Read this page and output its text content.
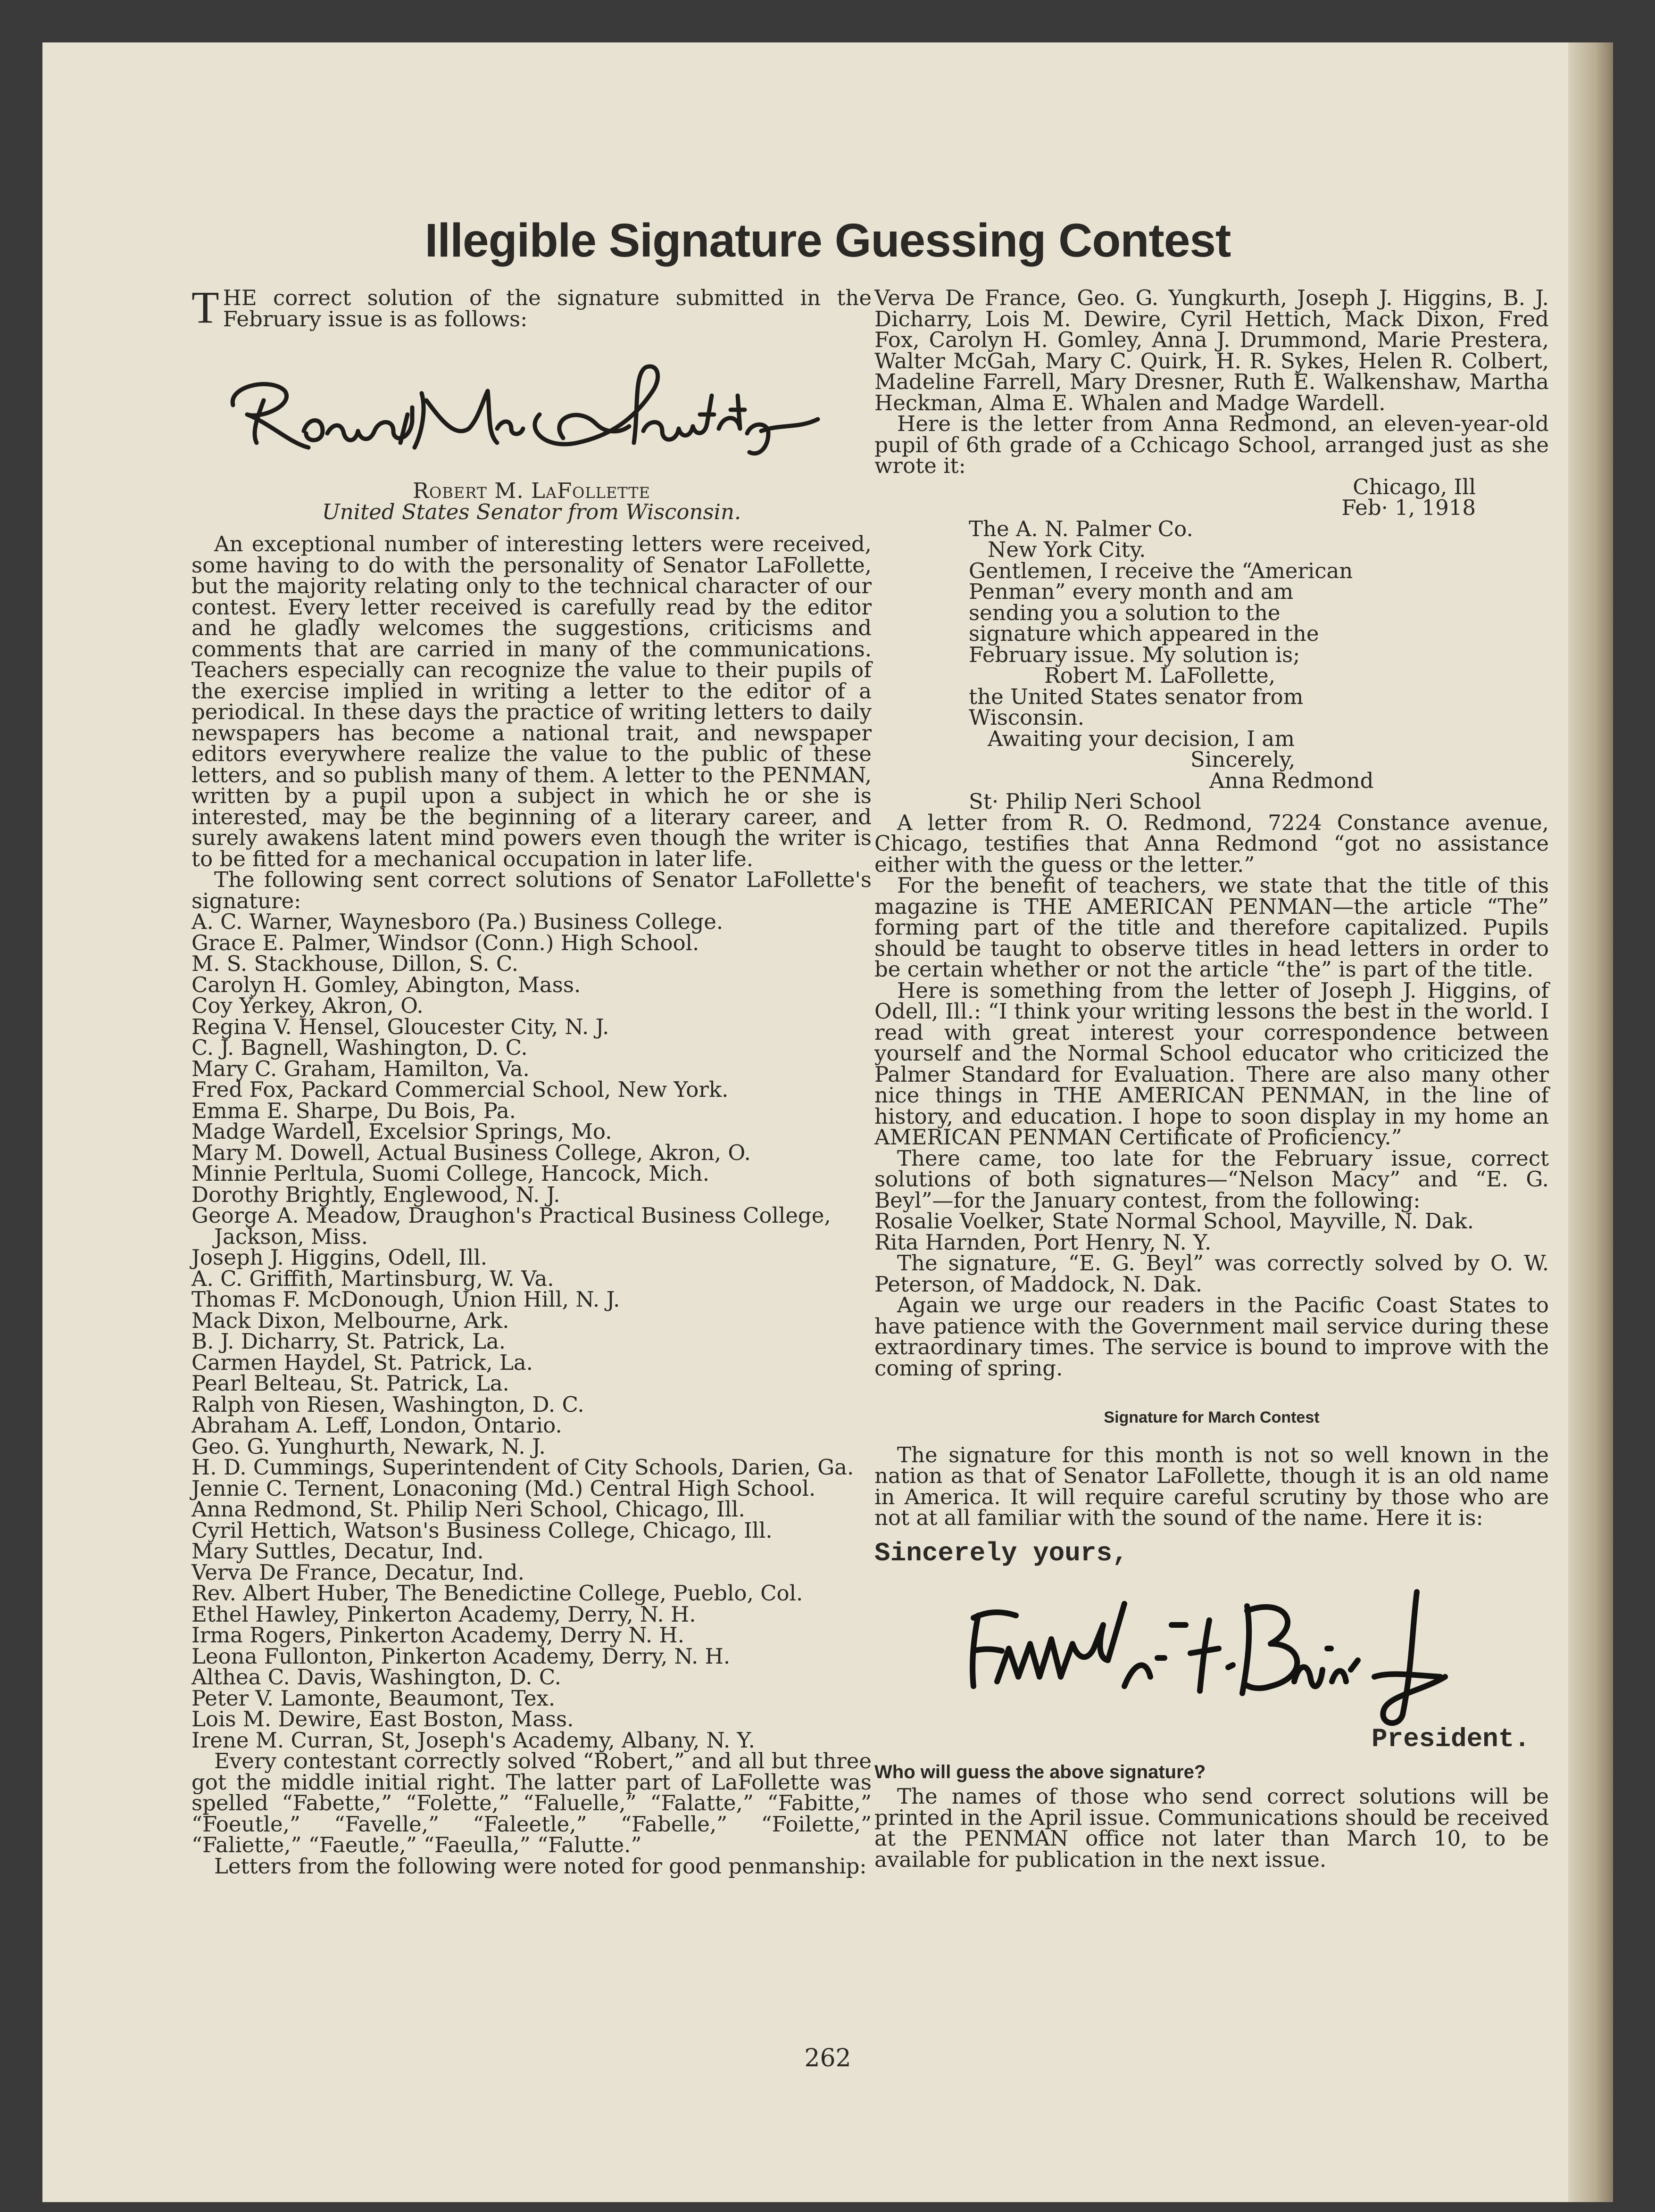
Illegible Signature Guessing Contest

THE correct solution of the signature submitted in the February issue is as follows:

Robert M. LaFollette

United States Senator from Wisconsin.

An exceptional number of interesting letters were received, some having to do with the personality of Senator LaFollette, but the majority relating only to the technical character of our contest. Every letter received is carefully read by the editor and he gladly welcomes the suggestions, criticisms and comments that are carried in many of the communications. Teachers especially can recognize the value to their pupils of the exercise implied in writing a letter to the editor of a periodical. In these days the practice of writing letters to daily newspapers has become a national trait, and newspaper editors everywhere realize the value to the public of these letters, and so publish many of them. A letter to the PENMAN, written by a pupil upon a subject in which he or she is interested, may be the beginning of a literary career, and surely awakens latent mind powers even though the writer is to be fitted for a mechanical occupation in later life.

The following sent correct solutions of Senator LaFollette's signature:

A. C. Warner, Waynesboro (Pa.) Business College.
Grace E. Palmer, Windsor (Conn.) High School.
M. S. Stackhouse, Dillon, S. C.
Carolyn H. Gomley, Abington, Mass.
Coy Yerkey, Akron, O.
Regina V. Hensel, Gloucester City, N. J.
C. J. Bagnell, Washington, D. C.
Mary C. Graham, Hamilton, Va.
Fred Fox, Packard Commercial School, New York.
Emma E. Sharpe, Du Bois, Pa.
Madge Wardell, Excelsior Springs, Mo.
Mary M. Dowell, Actual Business College, Akron, O.
Minnie Perltula, Suomi College, Hancock, Mich.
Dorothy Brightly, Englewood, N. J.
George A. Meadow, Draughon's Practical Business College, Jackson, Miss.
Joseph J. Higgins, Odell, Ill.
A. C. Griffith, Martinsburg, W. Va.
Thomas F. McDonough, Union Hill, N. J.
Mack Dixon, Melbourne, Ark.
B. J. Dicharry, St. Patrick, La.
Carmen Haydel, St. Patrick, La.
Pearl Belteau, St. Patrick, La.
Ralph von Riesen, Washington, D. C.
Abraham A. Leff, London, Ontario.
Geo. G. Yunghurth, Newark, N. J.
H. D. Cummings, Superintendent of City Schools, Darien, Ga.
Jennie C. Ternent, Lonaconing (Md.) Central High School.
Anna Redmond, St. Philip Neri School, Chicago, Ill.
Cyril Hettich, Watson's Business College, Chicago, Ill.
Mary Suttles, Decatur, Ind.
Verva De France, Decatur, Ind.
Rev. Albert Huber, The Benedictine College, Pueblo, Col.
Ethel Hawley, Pinkerton Academy, Derry, N. H.
Irma Rogers, Pinkerton Academy, Derry N. H.
Leona Fullonton, Pinkerton Academy, Derry, N. H.
Althea C. Davis, Washington, D. C.
Peter V. Lamonte, Beaumont, Tex.
Lois M. Dewire, East Boston, Mass.
Irene M. Curran, St, Joseph's Academy, Albany, N. Y.

Every contestant correctly solved “Robert,” and all but three got the middle initial right. The latter part of LaFollette was spelled “Fabette,” “Folette,” “Faluelle,” “Falatte,” “Fabitte,” “Foeutle,” “Favelle,” “Faleetle,” “Fabelle,” “Foilette,” “Faliette,” “Faeutle,” “Faeulla,” “Falutte.”

Letters from the following were noted for good penmanship:

Verva De France, Geo. G. Yungkurth, Joseph J. Higgins, B. J. Dicharry, Lois M. Dewire, Cyril Hettich, Mack Dixon, Fred Fox, Carolyn H. Gomley, Anna J. Drummond, Marie Prestera, Walter McGah, Mary C. Quirk, H. R. Sykes, Helen R. Colbert, Madeline Farrell, Mary Dresner, Ruth E. Walkenshaw, Martha Heckman, Alma E. Whalen and Madge Wardell.

Here is the letter from Anna Redmond, an eleven-year-old pupil of 6th grade of a Cchicago School, arranged just as she wrote it:

Chicago, Ill
Feb· 1, 1918
The A. N. Palmer Co.
New York City.
Gentlemen, I receive the “American
Penman” every month and am
sending you a solution to the
signature which appeared in the
February issue. My solution is;
Robert M. LaFollette,
the United States senator from
Wisconsin.
Awaiting your decision, I am
Sincerely,
Anna Redmond
St· Philip Neri School

A letter from R. O. Redmond, 7224 Constance avenue, Chicago, testifies that Anna Redmond “got no assistance either with the guess or the letter.”

For the benefit of teachers, we state that the title of this magazine is THE AMERICAN PENMAN—the article “The” forming part of the title and therefore capitalized. Pupils should be taught to observe titles in head letters in order to be certain whether or not the article “the” is part of the title.

Here is something from the letter of Joseph J. Higgins, of Odell, Ill.: “I think your writing lessons the best in the world. I read with great interest your correspondence between yourself and the Normal School educator who criticized the Palmer Standard for Evaluation. There are also many other nice things in THE AMERICAN PENMAN, in the line of history, and education. I hope to soon display in my home an AMERICAN PENMAN Certificate of Proficiency.”

There came, too late for the February issue, correct solutions of both signatures—“Nelson Macy” and “E. G. Beyl”—for the January contest, from the following:

Rosalie Voelker, State Normal School, Mayville, N. Dak.

Rita Harnden, Port Henry, N. Y.

The signature, “E. G. Beyl” was correctly solved by O. W. Peterson, of Maddock, N. Dak.

Again we urge our readers in the Pacific Coast States to have patience with the Government mail service during these extraordinary times. The service is bound to improve with the coming of spring.

Signature for March Contest

The signature for this month is not so well known in the nation as that of Senator LaFollette, though it is an old name in America. It will require careful scrutiny by those who are not at all familiar with the sound of the name. Here it is:

Sincerely yours,
President.
Who will guess the above signature?

The names of those who send correct solutions will be printed in the April issue. Communications should be received at the PENMAN office not later than March 10, to be available for publication in the next issue.

262
